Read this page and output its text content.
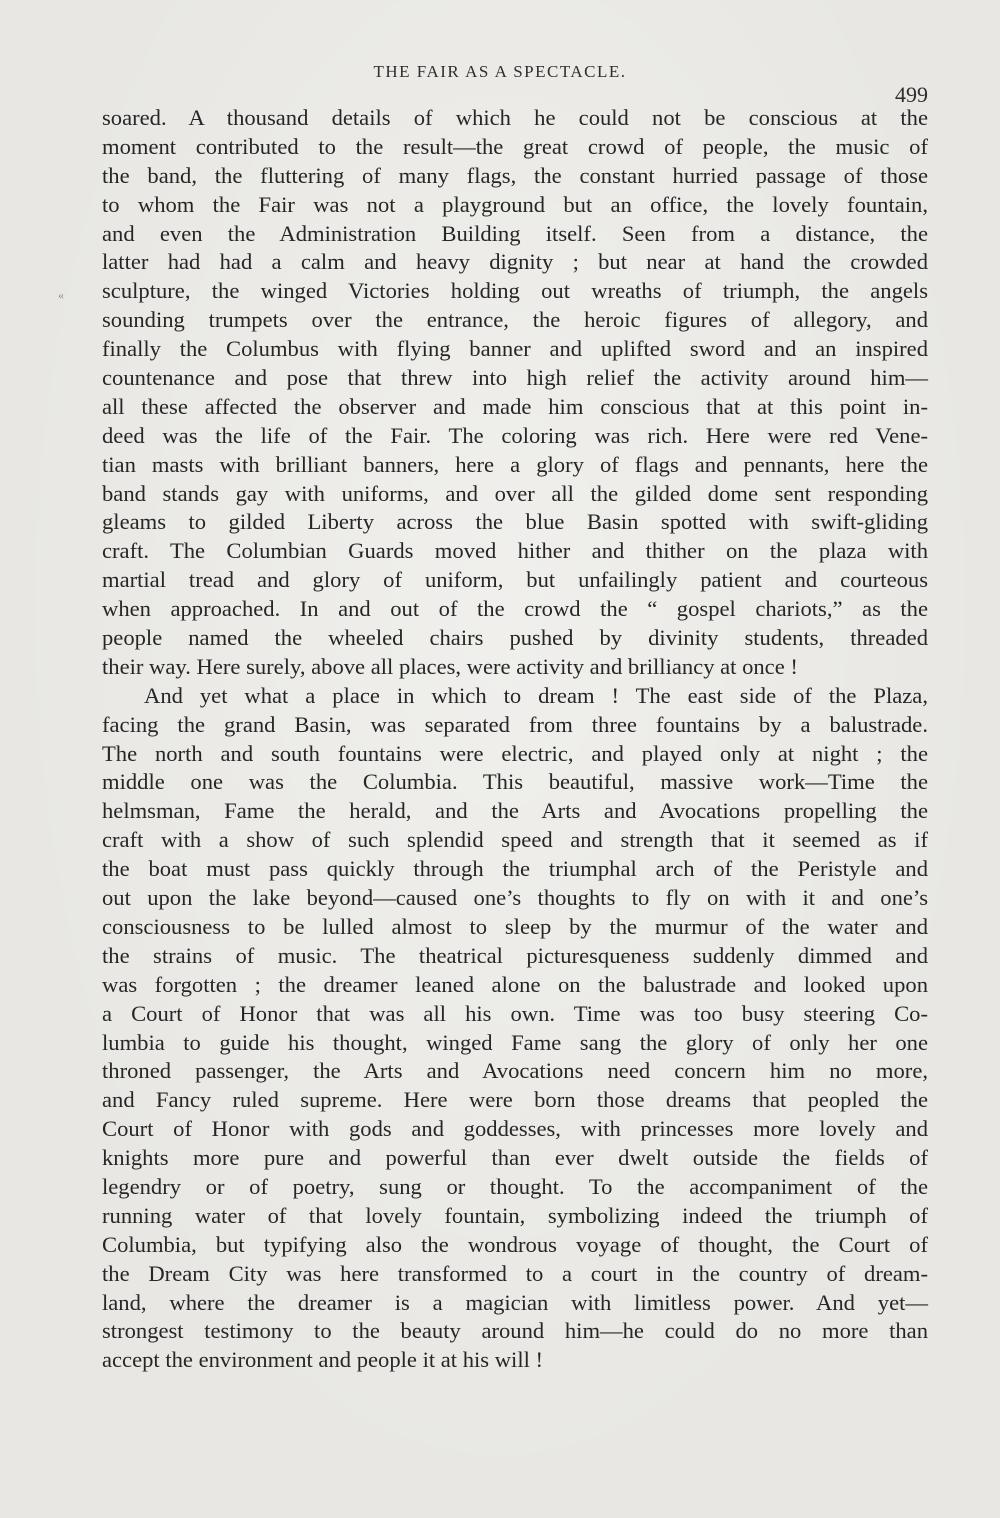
THE FAIR AS A SPECTACLE.
499
«
soared. A thousand details of which he could not be conscious at the
moment contributed to the result—the great crowd of people, the music of
the band, the fluttering of many flags, the constant hurried passage of those
to whom the Fair was not a playground but an office, the lovely fountain,
and even the Administration Building itself. Seen from a distance, the
latter had had a calm and heavy dignity ; but near at hand the crowded
sculpture, the winged Victories holding out wreaths of triumph, the angels
sounding trumpets over the entrance, the heroic figures of allegory, and
finally the Columbus with flying banner and uplifted sword and an inspired
countenance and pose that threw into high relief the activity around him—
all these affected the observer and made him conscious that at this point in-
deed was the life of the Fair. The coloring was rich. Here were red Vene-
tian masts with brilliant banners, here a glory of flags and pennants, here the
band stands gay with uniforms, and over all the gilded dome sent responding
gleams to gilded Liberty across the blue Basin spotted with swift-gliding
craft. The Columbian Guards moved hither and thither on the plaza with
martial tread and glory of uniform, but unfailingly patient and courteous
when approached. In and out of the crowd the “ gospel chariots,” as the
people named the wheeled chairs pushed by divinity students, threaded
their way. Here surely, above all places, were activity and brilliancy at once !
And yet what a place in which to dream ! The east side of the Plaza,
facing the grand Basin, was separated from three fountains by a balustrade.
The north and south fountains were electric, and played only at night ; the
middle one was the Columbia. This beautiful, massive work—Time the
helmsman, Fame the herald, and the Arts and Avocations propelling the
craft with a show of such splendid speed and strength that it seemed as if
the boat must pass quickly through the triumphal arch of the Peristyle and
out upon the lake beyond—caused one’s thoughts to fly on with it and one’s
consciousness to be lulled almost to sleep by the murmur of the water and
the strains of music. The theatrical picturesqueness suddenly dimmed and
was forgotten ; the dreamer leaned alone on the balustrade and looked upon
a Court of Honor that was all his own. Time was too busy steering Co-
lumbia to guide his thought, winged Fame sang the glory of only her one
throned passenger, the Arts and Avocations need concern him no more,
and Fancy ruled supreme. Here were born those dreams that peopled the
Court of Honor with gods and goddesses, with princesses more lovely and
knights more pure and powerful than ever dwelt outside the fields of
legendry or of poetry, sung or thought. To the accompaniment of the
running water of that lovely fountain, symbolizing indeed the triumph of
Columbia, but typifying also the wondrous voyage of thought, the Court of
the Dream City was here transformed to a court in the country of dream-
land, where the dreamer is a magician with limitless power. And yet—
strongest testimony to the beauty around him—he could do no more than
accept the environment and people it at his will !
